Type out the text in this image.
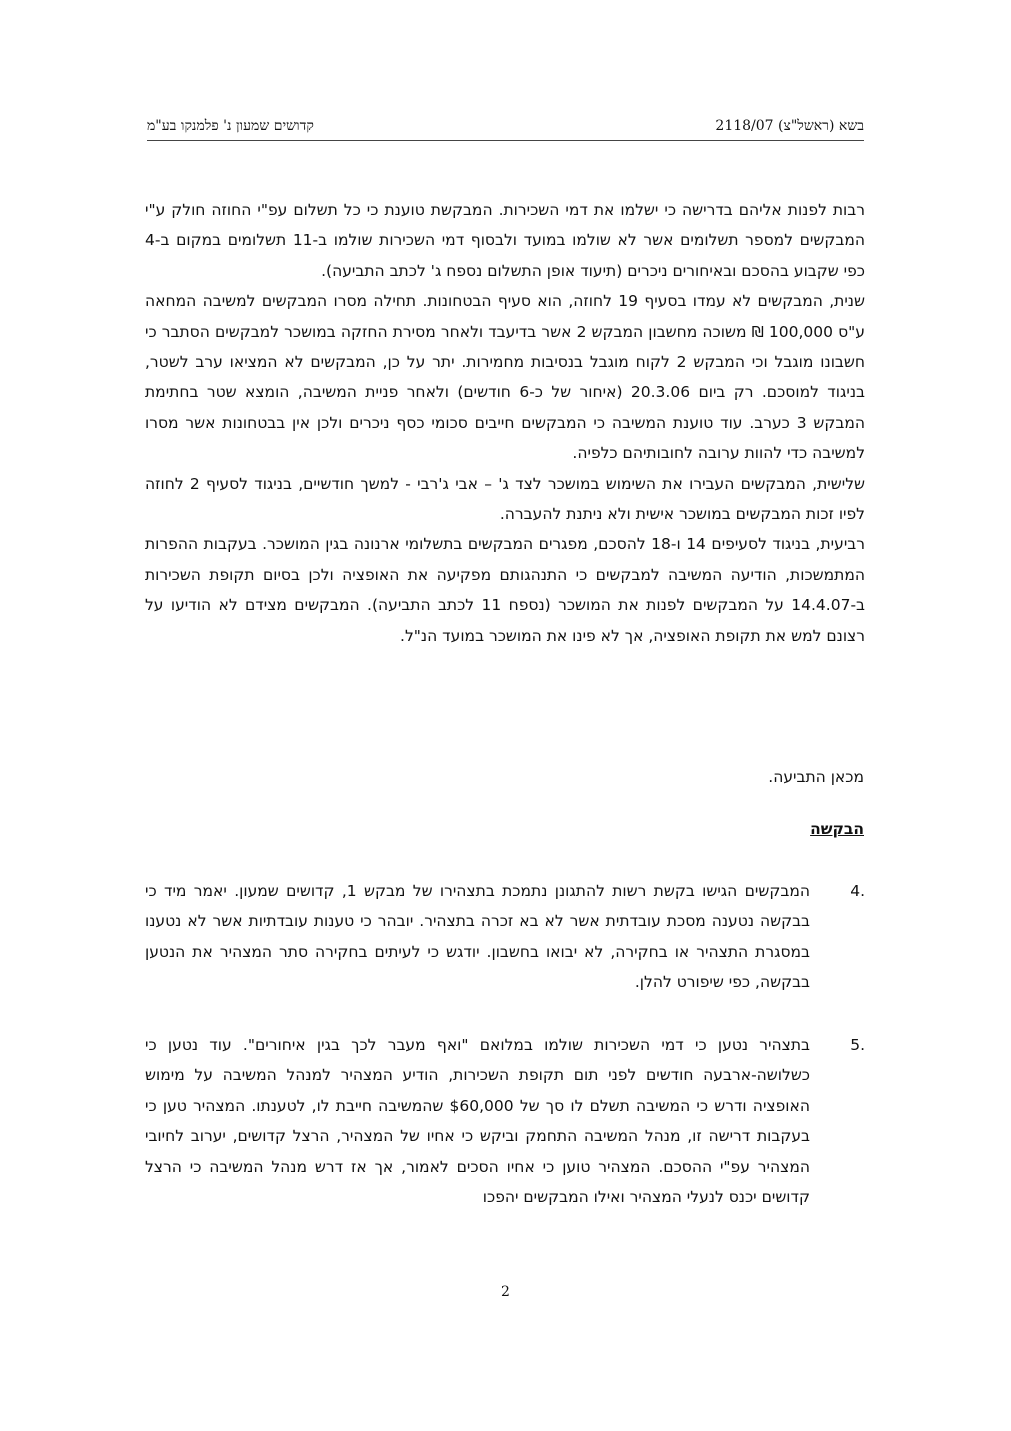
בשא (ראשל"צ) 2118/07
קדושים שמעון נ' פלמנקו בע"מ

רבות לפנות אליהם בדרישה כי ישלמו את דמי השכירות. המבקשת טוענת כי כל תשלום עפ"י החוזה חולק ע"י המבקשים למספר תשלומים אשר לא שולמו במועד ולבסוף דמי השכירות שולמו ב-11 תשלומים במקום ב-4 כפי שקבוע בהסכם ובאיחורים ניכרים (תיעוד אופן התשלום נספח ג' לכתב התביעה).

שנית, המבקשים לא עמדו בסעיף 19 לחוזה, הוא סעיף הבטחונות. תחילה מסרו המבקשים למשיבה המחאה ע"ס 100,000 ₪ משוכה מחשבון המבקש 2 אשר בדיעבד ולאחר מסירת החזקה במושכר למבקשים הסתבר כי חשבונו מוגבל וכי המבקש 2 לקוח מוגבל בנסיבות מחמירות. יתר על כן, המבקשים לא המציאו ערב לשטר, בניגוד למוסכם. רק ביום 20.3.06 (איחור של כ-6 חודשים) ולאחר פניית המשיבה, הומצא שטר בחתימת המבקש 3 כערב. עוד טוענת המשיבה כי המבקשים חייבים סכומי כסף ניכרים ולכן אין בבטחונות אשר מסרו למשיבה כדי להוות ערובה לחובותיהם כלפיה.

שלישית, המבקשים העבירו את השימוש במושכר לצד ג' – אבי ג'רבי - למשך חודשיים, בניגוד לסעיף 2 לחוזה לפיו זכות המבקשים במושכר אישית ולא ניתנת להעברה.

רביעית, בניגוד לסעיפים 14 ו-18 להסכם, מפגרים המבקשים בתשלומי ארנונה בגין המושכר. בעקבות ההפרות המתמשכות, הודיעה המשיבה למבקשים כי התנהגותם מפקיעה את האופציה ולכן בסיום תקופת השכירות ב-14.4.07 על המבקשים לפנות את המושכר (נספח 11 לכתב התביעה). המבקשים מצידם לא הודיעו על רצונם למש את תקופת האופציה, אך לא פינו את המושכר במועד הנ"ל.

מכאן התביעה.

הבקשה
4.
המבקשים הגישו בקשת רשות להתגונן נתמכת בתצהירו של מבקש 1, קדושים שמעון. יאמר מיד כי בבקשה נטענה מסכת עובדתית אשר לא בא זכרה בתצהיר. יובהר כי טענות עובדתיות אשר לא נטענו במסגרת התצהיר או בחקירה, לא יבואו בחשבון. יודגש כי לעיתים בחקירה סתר המצהיר את הנטען בבקשה, כפי שיפורט להלן.
5.
בתצהיר נטען כי דמי השכירות שולמו במלואם "ואף מעבר לכך בגין איחורים". עוד נטען כי כשלושה-ארבעה חודשים לפני תום תקופת השכירות, הודיע המצהיר למנהל המשיבה על מימוש האופציה ודרש כי המשיבה תשלם לו סך של $60,000 שהמשיבה חייבת לו, לטענתו. המצהיר טען כי בעקבות דרישה זו, מנהל המשיבה התחמק וביקש כי אחיו של המצהיר, הרצל קדושים, יערוב לחיובי המצהיר עפ"י ההסכם. המצהיר טוען כי אחיו הסכים לאמור, אך אז דרש מנהל המשיבה כי הרצל קדושים יכנס לנעלי המצהיר ואילו המבקשים יהפכו
2
